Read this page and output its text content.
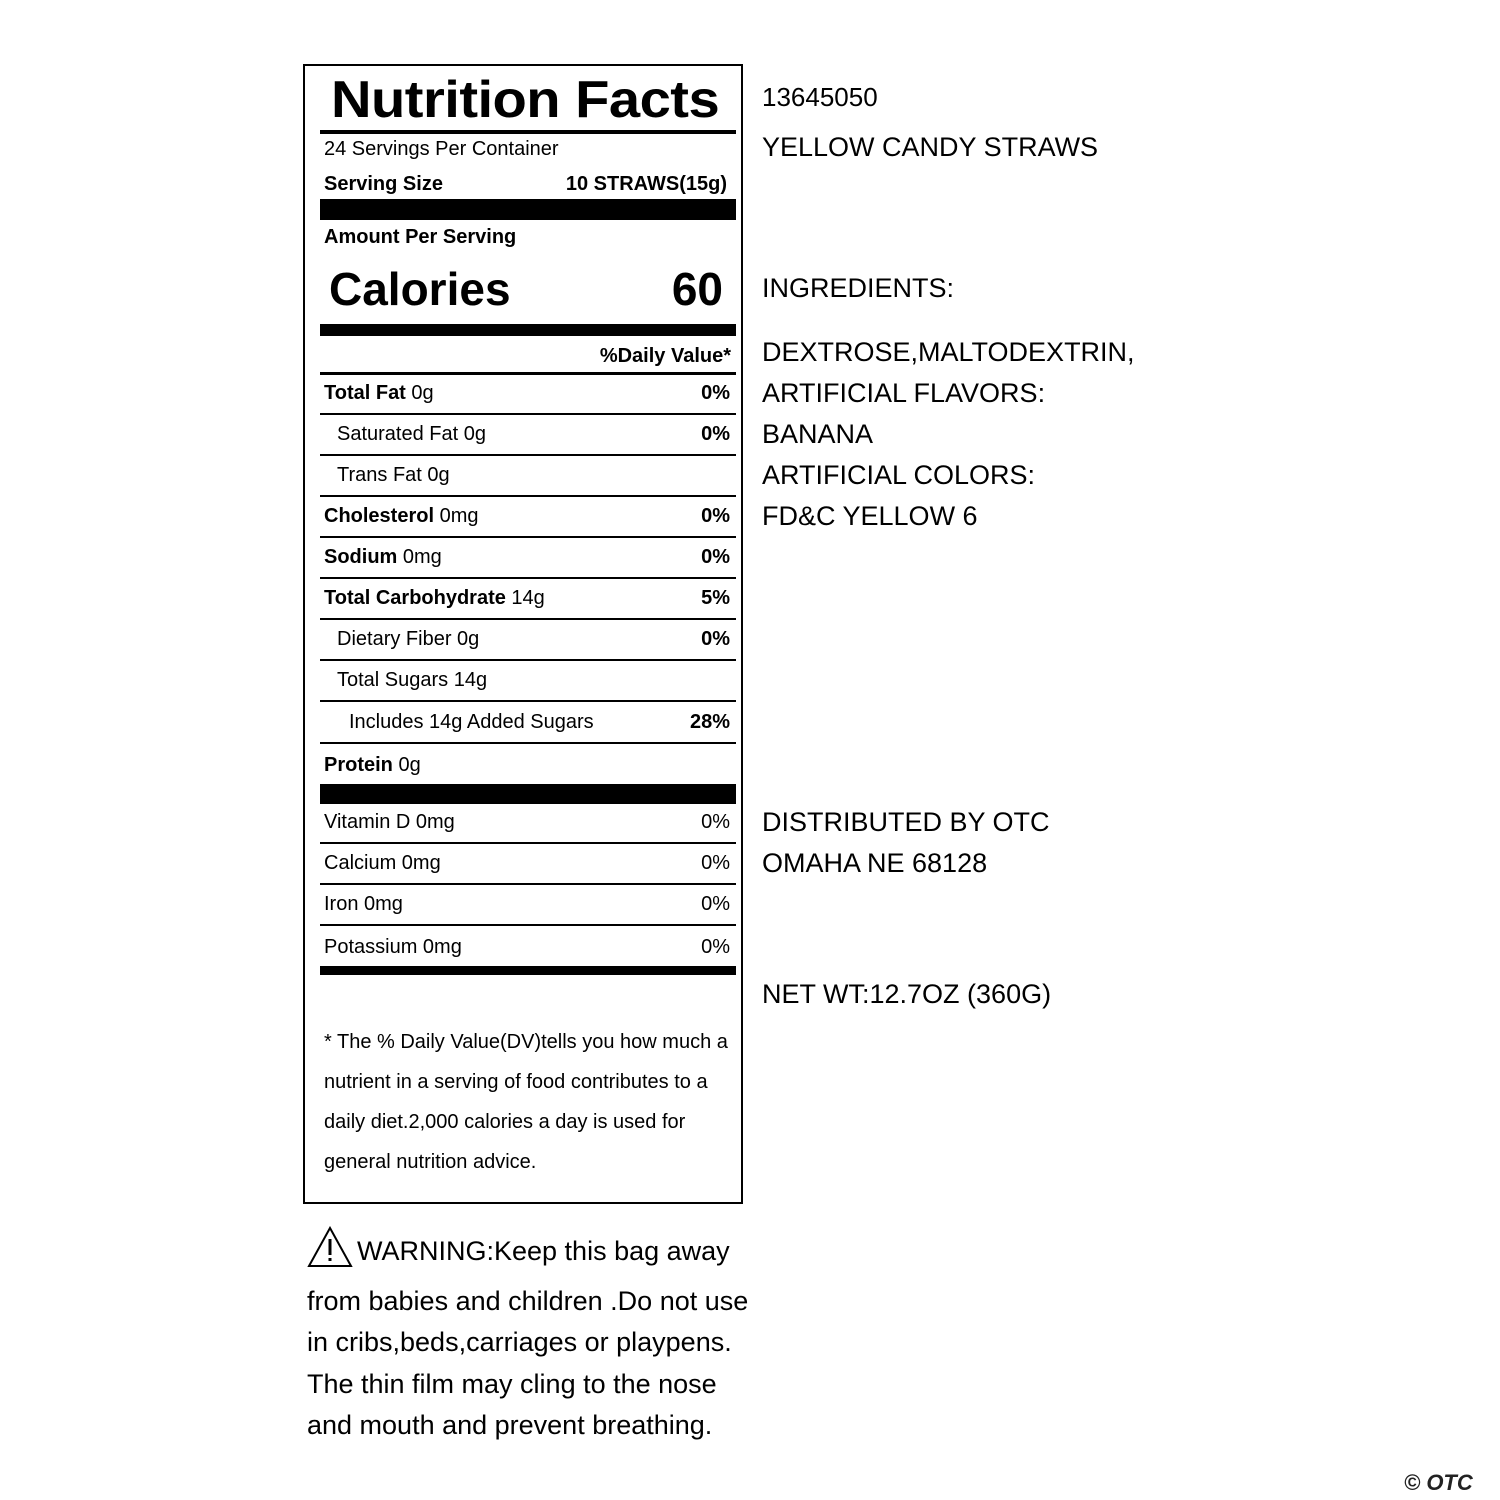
Nutrition Facts
24 Servings Per Container
Serving Size	10 STRAWS(15g)
Amount Per Serving
Calories	60
%Daily Value*
Total Fat 0g	0%
Saturated Fat 0g	0%
Trans Fat 0g
Cholesterol 0mg	0%
Sodium 0mg	0%
Total Carbohydrate 14g	5%
Dietary Fiber 0g	0%
Total Sugars 14g
Includes 14g Added Sugars	28%
Protein 0g
Vitamin D 0mg	0%
Calcium 0mg	0%
Iron 0mg	0%
Potassium 0mg	0%
* The % Daily Value(DV)tells you how much a nutrient in a serving of food contributes to a daily diet.2,000 calories a day is used for general nutrition advice.
13645050
YELLOW CANDY STRAWS
INGREDIENTS:
DEXTROSE,MALTODEXTRIN,
ARTIFICIAL FLAVORS:
BANANA
ARTIFICIAL COLORS:
FD&C YELLOW 6
DISTRIBUTED BY OTC
OMAHA NE 68128
NET WT:12.7OZ (360G)
WARNING:Keep this bag away from babies and children .Do not use in cribs,beds,carriages or playpens. The thin film may cling to the nose and mouth and prevent breathing.
© OTC
